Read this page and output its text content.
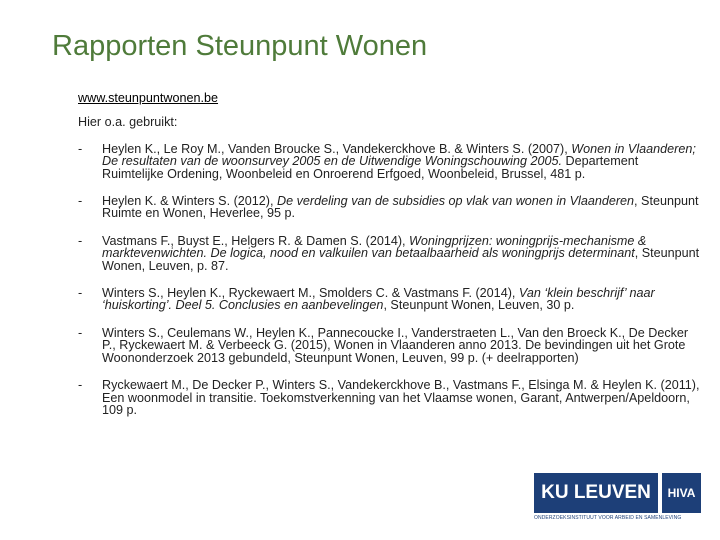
Rapporten Steunpunt Wonen
www.steunpuntwonen.be
Hier o.a. gebruikt:
-	Heylen K., Le Roy M., Vanden Broucke S., Vandekerckhove B. & Winters S. (2007), Wonen in Vlaanderen; De resultaten van de woonsurvey 2005 en de Uitwendige Woningschouwing 2005. Departement Ruimtelijke Ordening, Woonbeleid en Onroerend Erfgoed, Woonbeleid, Brussel, 481 p.
-	Heylen K. & Winters S. (2012), De verdeling van de subsidies op vlak van wonen in Vlaanderen, Steunpunt Ruimte en Wonen, Heverlee, 95 p.
-	Vastmans F., Buyst E., Helgers R. & Damen S. (2014), Woningprijzen: woningprijs-mechanisme & marktevenwichten. De logica, nood en valkuilen van betaalbaarheid als woningprijs determinant, Steunpunt Wonen, Leuven, p. 87.
-	Winters S., Heylen K., Ryckewaert M., Smolders C. & Vastmans F. (2014), Van ‘klein beschrijf’ naar ‘huiskorting’. Deel 5. Conclusies en aanbevelingen, Steunpunt Wonen, Leuven, 30 p.
-	Winters S., Ceulemans W., Heylen K., Pannecoucke I., Vanderstraeten L., Van den Broeck K., De Decker P., Ryckewaert M. & Verbeeck G. (2015), Wonen in Vlaanderen anno 2013. De bevindingen uit het Grote Woononderzoek 2013 gebundeld, Steunpunt Wonen, Leuven, 99 p. (+ deelrapporten)
-	Ryckewaert M., De Decker P., Winters S., Vandekerckhove B., Vastmans F., Elsinga M. & Heylen K. (2011), Een woonmodel in transitie. Toekomstverkenning van het Vlaamse wonen, Garant, Antwerpen/Apeldoorn, 109 p.
KU LEUVEN	HIVA
ONDERZOEKSINSTITUUT VOOR ARBEID EN SAMENLEVING
